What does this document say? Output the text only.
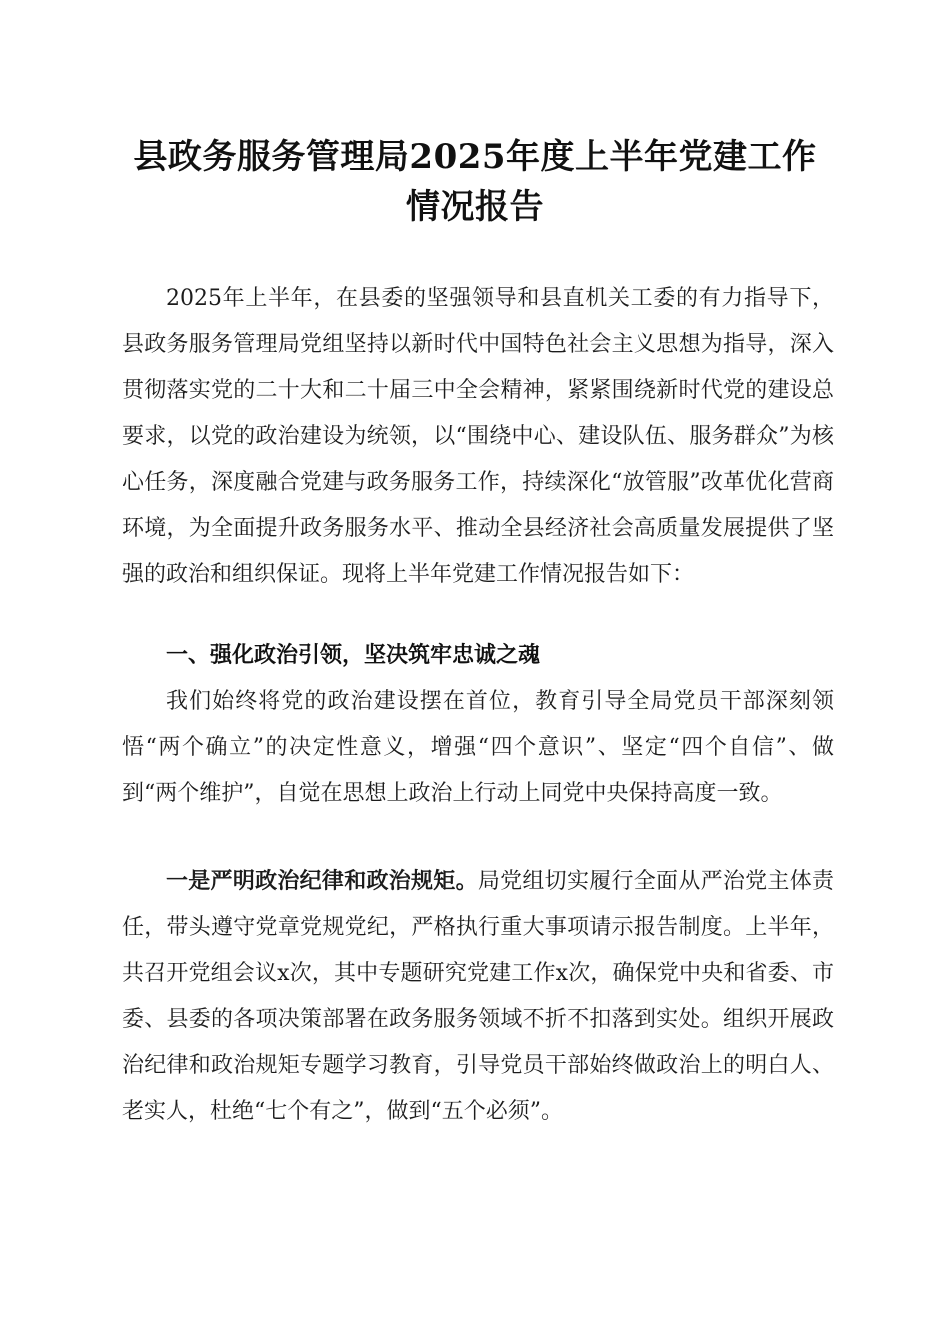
县政务服务管理局2025年度上半年党建工作
情况报告

2025年上半年，在县委的坚强领导和县直机关工委的有力指导下，县政务服务管理局党组坚持以新时代中国特色社会主义思想为指导，深入贯彻落实党的二十大和二十届三中全会精神，紧紧围绕新时代党的建设总要求，以党的政治建设为统领，以“围绕中心、建设队伍、服务群众”为核心任务，深度融合党建与政务服务工作，持续深化“放管服”改革优化营商环境，为全面提升政务服务水平、推动全县经济社会高质量发展提供了坚强的政治和组织保证。现将上半年党建工作情况报告如下：

一、强化政治引领，坚决筑牢忠诚之魂

我们始终将党的政治建设摆在首位，教育引导全局党员干部深刻领悟“两个确立”的决定性意义，增强“四个意识”、坚定“四个自信”、做到“两个维护”，自觉在思想上政治上行动上同党中央保持高度一致。

一是严明政治纪律和政治规矩。局党组切实履行全面从严治党主体责任，带头遵守党章党规党纪，严格执行重大事项请示报告制度。上半年，共召开党组会议x次，其中专题研究党建工作x次，确保党中央和省委、市委、县委的各项决策部署在政务服务领域不折不扣落到实处。组织开展政治纪律和政治规矩专题学习教育，引导党员干部始终做政治上的明白人、老实人，杜绝“七个有之”，做到“五个必须”。
